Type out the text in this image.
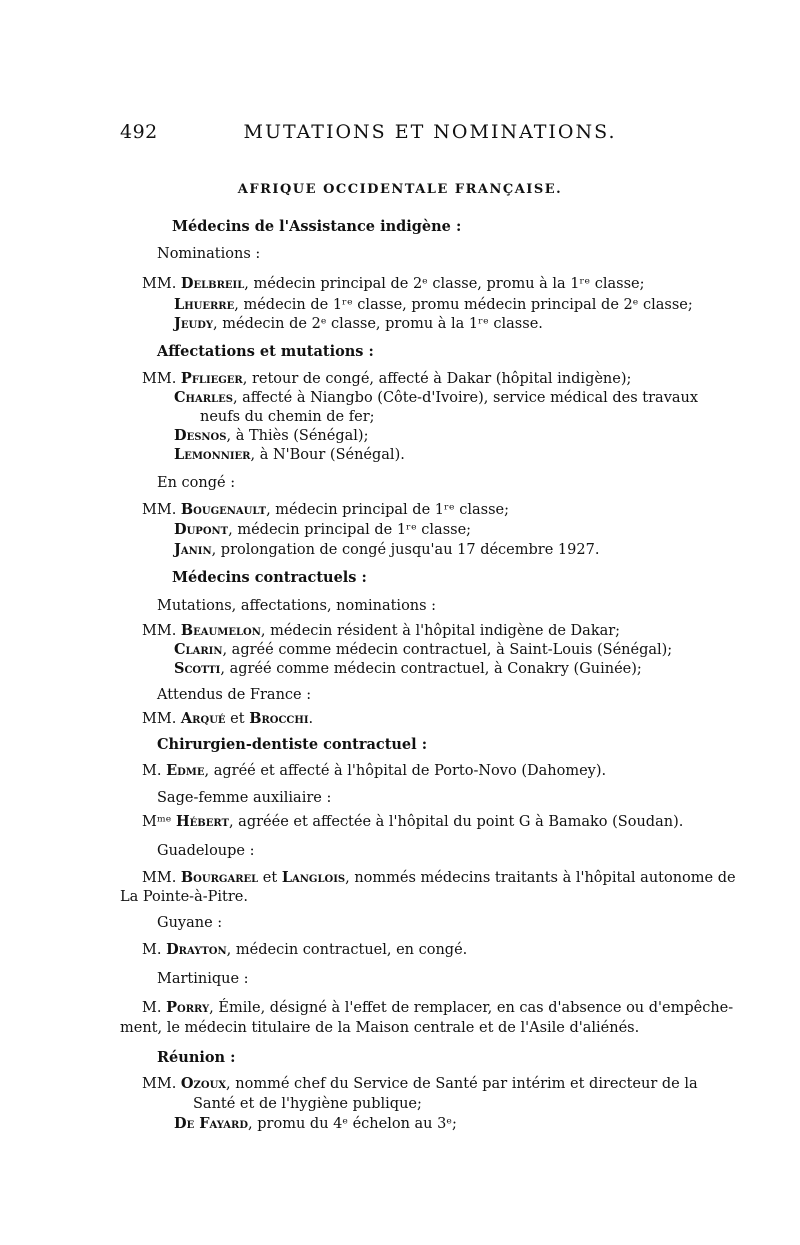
492	MUTATIONS ET NOMINATIONS.
AFRIQUE OCCIDENTALE FRANÇAISE.
Médecins de l'Assistance indigène :
Nominations :
MM. Delbreil, médecin principal de 2ᵉ classe, promu à la 1ʳᵉ classe;
Lhuerre, médecin de 1ʳᵉ classe, promu médecin principal de 2ᵉ classe;
Jeudy, médecin de 2ᵉ classe, promu à la 1ʳᵉ classe.
Affectations et mutations :
MM. Pflieger, retour de congé, affecté à Dakar (hôpital indigène);
Charles, affecté à Niangbo (Côte-d'Ivoire), service médical des travaux
neufs du chemin de fer;
Desnos, à Thiès (Sénégal);
Lemonnier, à N'Bour (Sénégal).
En congé :
MM. Bougenault, médecin principal de 1ʳᵉ classe;
Dupont, médecin principal de 1ʳᵉ classe;
Janin, prolongation de congé jusqu'au 17 décembre 1927.
Médecins contractuels :
Mutations, affectations, nominations :
MM. Beaumelon, médecin résident à l'hôpital indigène de Dakar;
Clarin, agréé comme médecin contractuel, à Saint-Louis (Sénégal);
Scotti, agréé comme médecin contractuel, à Conakry (Guinée);
Attendus de France :
MM. Arqué et Brocchi.
Chirurgien-dentiste contractuel :
M. Edme, agréé et affecté à l'hôpital de Porto-Novo (Dahomey).
Sage-femme auxiliaire :
Mᵐᵉ Hébert, agréée et affectée à l'hôpital du point G à Bamako (Soudan).
Guadeloupe :
MM. Bourgarel et Langlois, nommés médecins traitants à l'hôpital autonome de
La Pointe-à-Pitre.
Guyane :
M. Drayton, médecin contractuel, en congé.
Martinique :
M. Porry, Émile, désigné à l'effet de remplacer, en cas d'absence ou d'empêche-
ment, le médecin titulaire de la Maison centrale et de l'Asile d'aliénés.
Réunion :
MM. Ozoux, nommé chef du Service de Santé par intérim et directeur de la
Santé et de l'hygiène publique;
De Fayard, promu du 4ᵉ échelon au 3ᵉ;
